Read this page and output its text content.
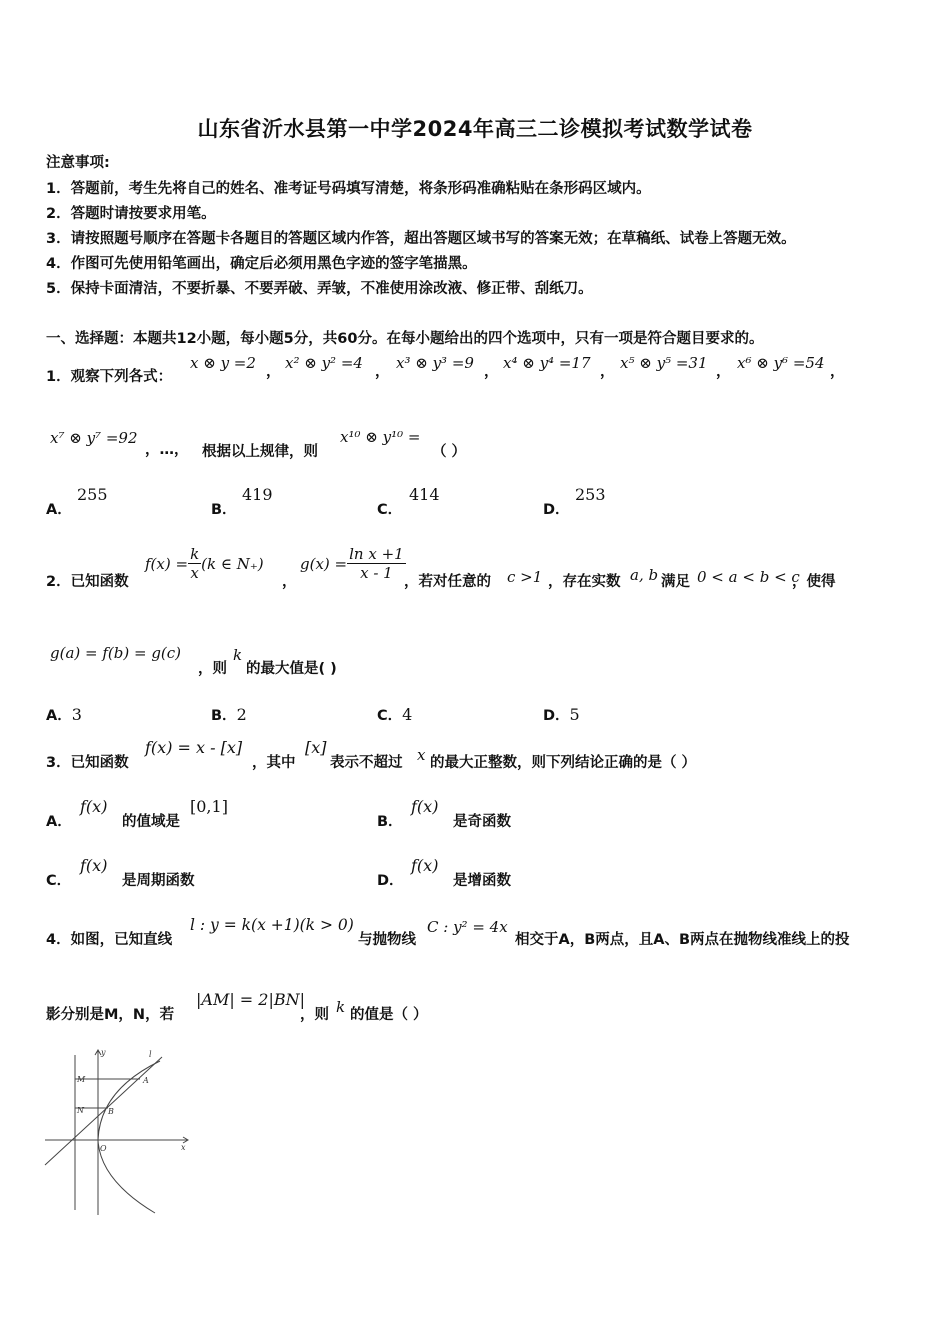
山东省沂水县第一中学2024年高三二诊模拟考试数学试卷
注意事项:
1．答题前，考生先将自己的姓名、准考证号码填写清楚，将条形码准确粘贴在条形码区域内。
2．答题时请按要求用笔。
3．请按照题号顺序在答题卡各题目的答题区域内作答，超出答题区域书写的答案无效；在草稿纸、试卷上答题无效。
4．作图可先使用铅笔画出，确定后必须用黑色字迹的签字笔描黑。
5．保持卡面清洁，不要折暴、不要弄破、弄皱，不准使用涂改液、修正带、刮纸刀。
一、选择题：本题共12小题，每小题5分，共60分。在每小题给出的四个选项中，只有一项是符合题目要求的。
1．观察下列各式：
x ⊗ y =2 ， x² ⊗ y² =4 ， x³ ⊗ y³ =9 ， x⁴ ⊗ y⁴ =17 ， x⁵ ⊗ y⁵ =31 ， x⁶ ⊗ y⁶ =54 ，
x⁷ ⊗ y⁷ =92
，…， 根据以上规律，则
x¹⁰ ⊗ y¹⁰ =
（ ）
A．
255
B．
419
C．
414
D．
253
2．已知函数
$f(x) = \frac{k}{x} (k$ ∈ N₊)
，
$g(x) = \frac{\text{ln x +1}}{x - 1}$
，若对任意的 c >1 ，存在实数 a, b 满足 0 < a < b < c
，使得
g(a) = f(b) = g(c)
，则
k
的最大值是( )
A．3	B．2	C．4	D．5
3．已知函数
f(x) = x - [x]
，其中
[x]
表示不超过 x 的最大正整数，则下列结论正确的是（ ）
A．
f(x)
的值域是
[0,1]
B．
f(x)
是奇函数
C．
f(x)
是周期函数	D．
f(x)
是增函数
4．如图，已知直线
l : y = k(x +1)(k > 0)
与抛物线
C : y² = 4x
相交于A，B两点，且A、B两点在抛物线准线上的投
影分别是M，N，若
|AM| = 2|BN|
，则 k 的值是（ ）
y
x
O
l
M
N
A
B
